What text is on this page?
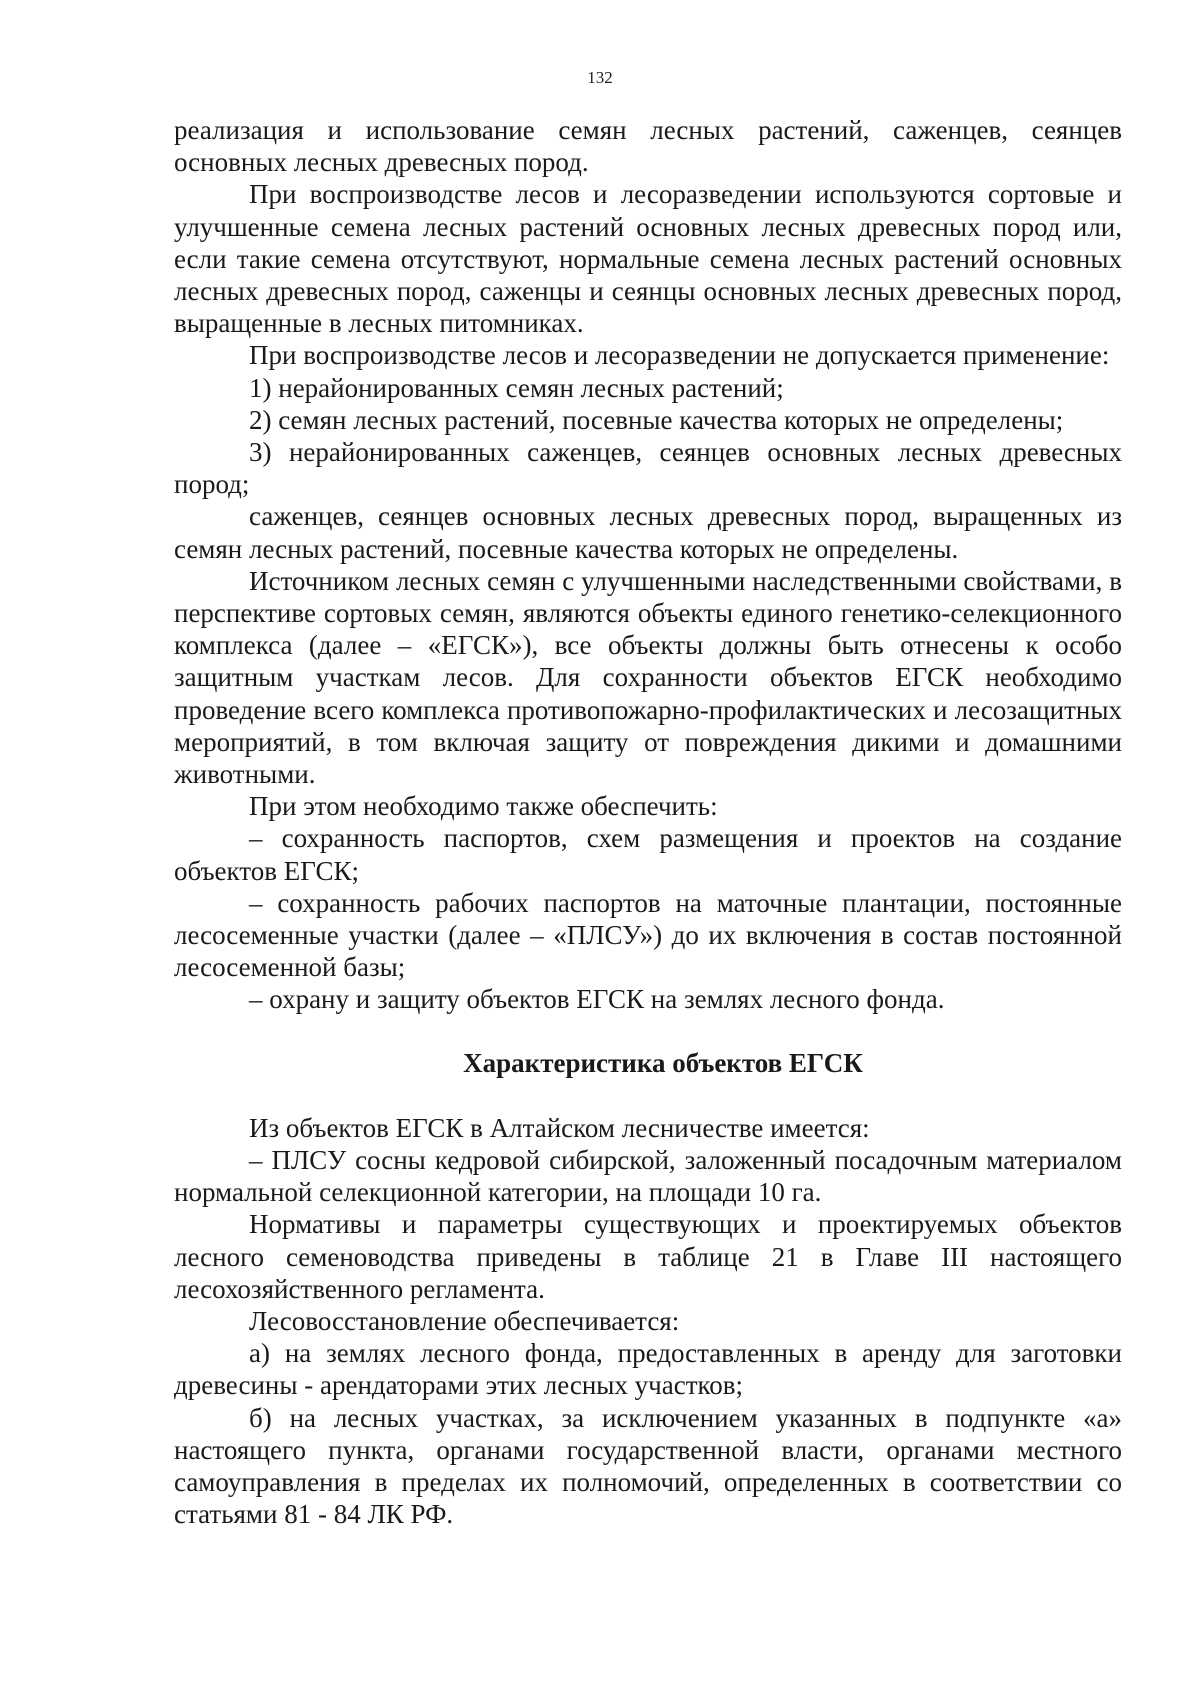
132

реализация и использование семян лесных растений, саженцев, сеянцев основных лесных древесных пород.

При воспроизводстве лесов и лесоразведении используются сортовые и улучшенные семена лесных растений основных лесных древесных пород или, если такие семена отсутствуют, нормальные семена лесных растений основных лесных древесных пород, саженцы и сеянцы основных лесных древесных пород, выращенные в лесных питомниках.

При воспроизводстве лесов и лесоразведении не допускается применение:

1) нерайонированных семян лесных растений;

2) семян лесных растений, посевные качества которых не определены;

3) нерайонированных саженцев, сеянцев основных лесных древесных пород;

саженцев, сеянцев основных лесных древесных пород, выращенных из семян лесных растений, посевные качества которых не определены.

Источником лесных семян с улучшенными наследственными свойствами, в перспективе сортовых семян, являются объекты единого генетико-селекционного комплекса (далее – «ЕГСК»), все объекты должны быть отнесены к особо защитным участкам лесов. Для сохранности объектов ЕГСК необходимо проведение всего комплекса противопожарно-профилактических и лесозащитных мероприятий, в том включая защиту от повреждения дикими и домашними животными.

При этом необходимо также обеспечить:

– сохранность паспортов, схем размещения и проектов на создание объектов ЕГСК;

– сохранность рабочих паспортов на маточные плантации, постоянные лесосеменные участки (далее – «ПЛСУ») до их включения в состав постоянной лесосеменной базы;

– охрану и защиту объектов ЕГСК на землях лесного фонда.

Характеристика объектов ЕГСК

Из объектов ЕГСК в Алтайском лесничестве имеется:

– ПЛСУ сосны кедровой сибирской, заложенный посадочным материалом нормальной селекционной категории, на площади 10 га.

Нормативы и параметры существующих и проектируемых объектов лесного семеноводства приведены в таблице 21 в Главе III настоящего лесохозяйственного регламента.

Лесовосстановление обеспечивается:

а) на землях лесного фонда, предоставленных в аренду для заготовки древесины - арендаторами этих лесных участков;

б) на лесных участках, за исключением указанных в подпункте «а» настоящего пункта, органами государственной власти, органами местного самоуправления в пределах их полномочий, определенных в соответствии со статьями 81 - 84 ЛК РФ.
